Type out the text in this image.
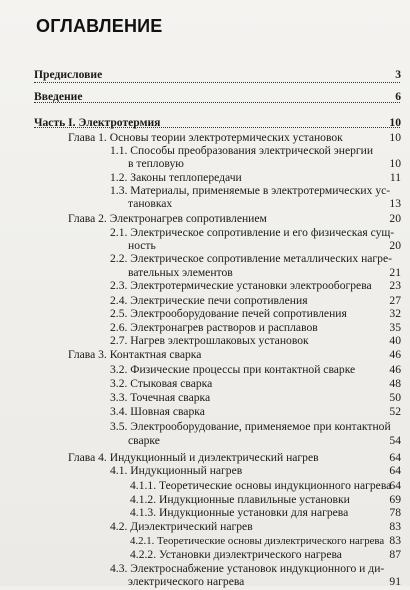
ОГЛАВЛЕНИЕ
Предисловие	3
Введение	6
Часть I. Электротермия	10
Глава 1. Основы теории электротермических установок	10
1.1. Способы преобразования электрической энергии
в тепловую	10
1.2. Законы теплопередачи	11
1.3. Материалы, применяемые в электротермических ус-
тановках	13
Глава 2. Электронагрев сопротивлением	20
2.1. Электрическое сопротивление и его физическая сущ-
ность	20
2.2. Электрическое сопротивление металлических нагре-
вательных элементов	21
2.3. Электротермические установки электрообогрева 23
2.4. Электрические печи сопротивления	27
2.5. Электрооборудование печей сопротивления	32
2.6. Электронагрев растворов и расплавов	35
2.7. Нагрев электрошлаковых установок	40
Глава 3. Контактная сварка	46
3.2. Физические процессы при контактной сварке	46
3.2. Стыковая сварка	48
3.3. Точечная сварка	50
3.4. Шовная сварка	52
3.5. Электрооборудование, применяемое при контактной
сварке	54
Глава 4. Индукционный и диэлектрический нагрев	64
4.1. Индукционный нагрев	64
4.1.1. Теоретические основы индукционного нагрева
64
4.1.2. Индукционные плавильные установки	69
4.1.3. Индукционные установки для нагрева	78
4.2. Диэлектрический нагрев	83
4.2.1. Теоретические основы диэлектрического нагрева 83
4.2.2. Установки диэлектрического нагрева	87
4.3. Электроснабжение установок индукционного и ди-
электрического нагрева	91
